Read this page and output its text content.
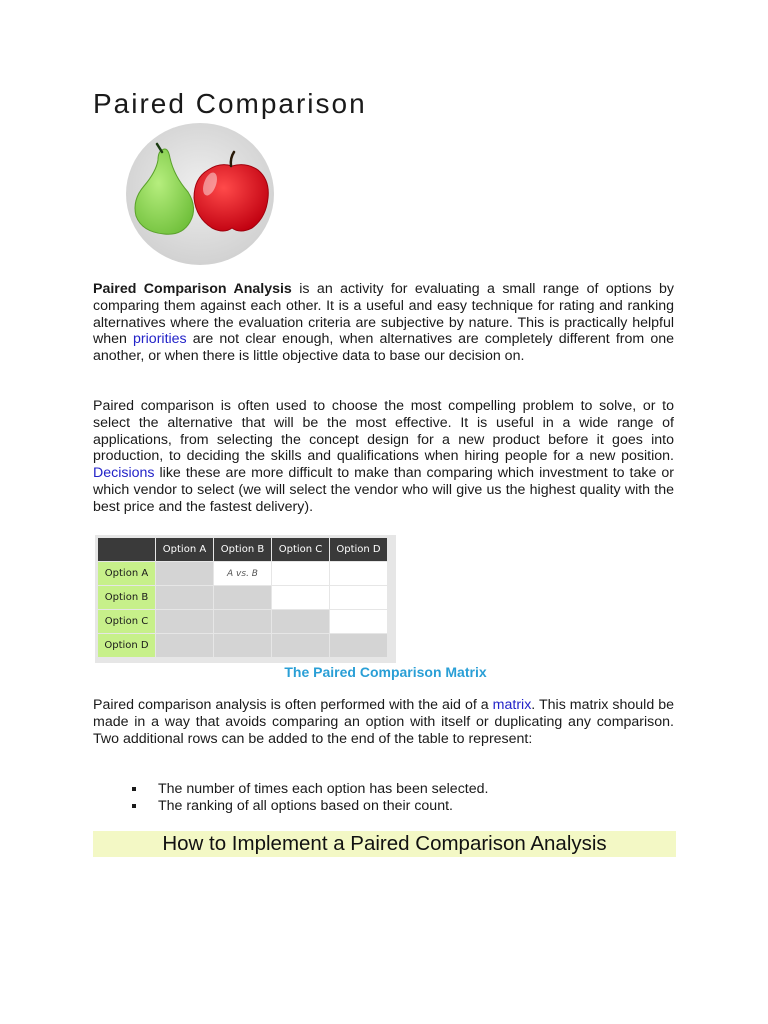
Paired Comparison

Paired Comparison Analysis is an activity for evaluating a small range of options by comparing them against each other. It is a useful and easy technique for rating and ranking alternatives where the evaluation criteria are subjective by nature. This is practically helpful when priorities are not clear enough, when alternatives are completely different from one another, or when there is little objective data to base our decision on.

Paired comparison is often used to choose the most compelling problem to solve, or to select the alternative that will be the most effective. It is useful in a wide range of applications, from selecting the concept design for a new product before it goes into production, to deciding the skills and qualifications when hiring people for a new position. Decisions like these are more difficult to make than comparing which investment to take or which vendor to select (we will select the vendor who will give us the highest quality with the best price and the fastest delivery).

	Option A	Option B	Option C	Option D
Option A		A vs. B		
Option B				
Option C				
Option D				
The Paired Comparison Matrix

Paired comparison analysis is often performed with the aid of a matrix. This matrix should be made in a way that avoids comparing an option with itself or duplicating any comparison. Two additional rows can be added to the end of the table to represent:

The number of times each option has been selected.
The ranking of all options based on their count.
How to Implement a Paired Comparison Analysis
